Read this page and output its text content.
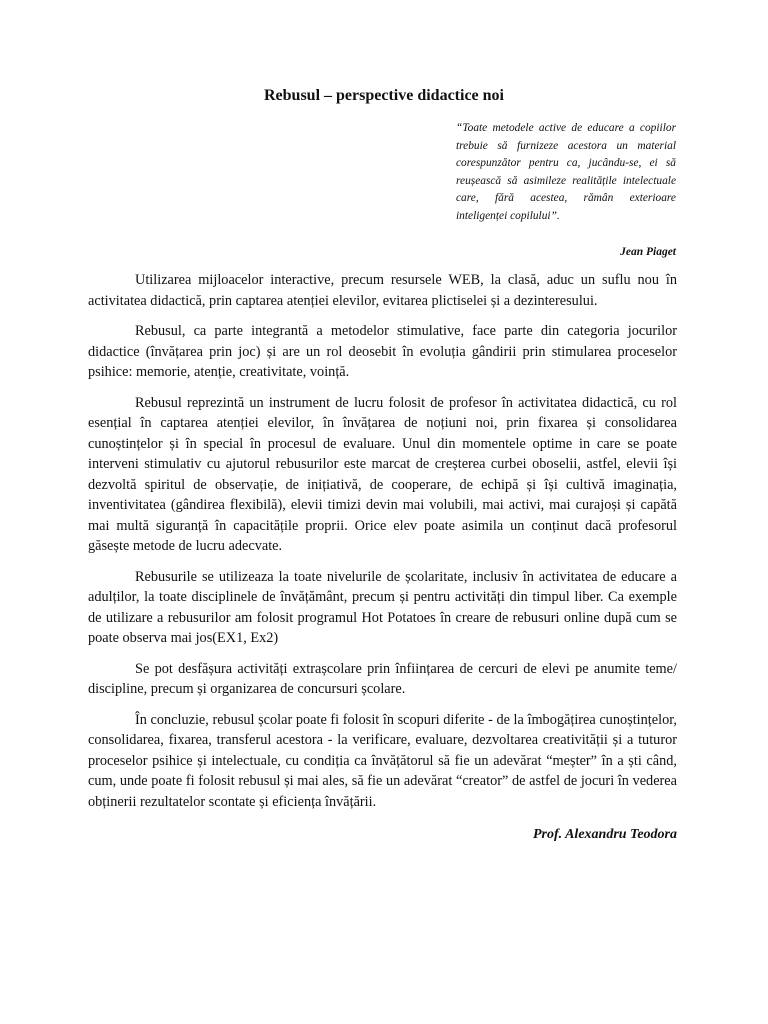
Rebusul – perspective didactice noi
“Toate metodele active de educare a copiilor trebuie să furnizeze acestora un material corespunzător pentru ca, jucându-se, ei să reușească să asimileze realitățile intelectuale care, fără acestea, rămân exterioare inteligenței copilului”.
Jean Piaget

Utilizarea mijloacelor interactive, precum resursele WEB, la clasă, aduc un suflu nou în activitatea didactică, prin captarea atenției elevilor, evitarea plictiselei și a dezinteresului.

Rebusul, ca parte integrantă a metodelor stimulative, face parte din categoria jocurilor didactice (învățarea prin joc) și are un rol deosebit în evoluția gândirii prin stimularea proceselor psihice: memorie, atenție, creativitate, voință.

Rebusul reprezintă un instrument de lucru folosit de profesor în activitatea didactică, cu rol esențial în captarea atenției elevilor, în învățarea de noțiuni noi, prin fixarea și consolidarea cunoștințelor și în special în procesul de evaluare. Unul din momentele optime in care se poate interveni stimulativ cu ajutorul rebusurilor este marcat de creșterea curbei oboselii, astfel, elevii își dezvoltă spiritul de observație, de inițiativă, de cooperare, de echipă și își cultivă imaginația, inventivitatea (gândirea flexibilă), elevii timizi devin mai volubili, mai activi, mai curajoși și capătă mai multă siguranță în capacitățile proprii. Orice elev poate asimila un conținut dacă profesorul găsește metode de lucru adecvate.

Rebusurile se utilizeaza la toate nivelurile de școlaritate, inclusiv în activitatea de educare a adulților, la toate disciplinele de învățământ, precum și pentru activități din timpul liber. Ca exemple de utilizare a rebusurilor am folosit programul Hot Potatoes în creare de rebusuri online după cum se poate observa mai jos(EX1, Ex2)

Se pot desfășura activități extrașcolare prin înființarea de cercuri de elevi pe anumite teme/ discipline, precum și organizarea de concursuri școlare.

În concluzie, rebusul școlar poate fi folosit în scopuri diferite - de la îmbogățirea cunoștințelor, consolidarea, fixarea, transferul acestora - la verificare, evaluare, dezvoltarea creativității și a tuturor proceselor psihice și intelectuale, cu condiția ca învățătorul să fie un adevărat “meșter” în a ști când, cum, unde poate fi folosit rebusul și mai ales, să fie un adevărat “creator” de astfel de jocuri în vederea obținerii rezultatelor scontate și eficiența învățării.

Prof. Alexandru Teodora
